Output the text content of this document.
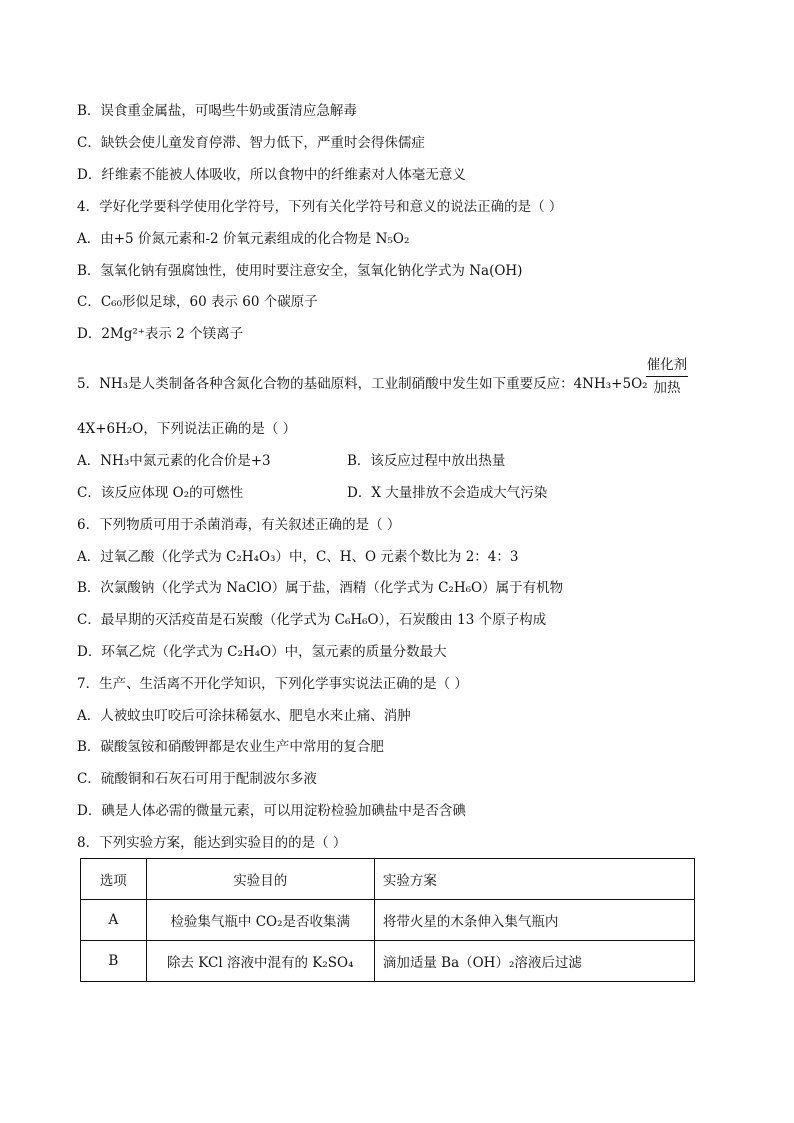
B．误食重金属盐，可喝些牛奶或蛋清应急解毒
C．缺铁会使儿童发育停滞、智力低下，严重时会得侏儒症
D．纤维素不能被人体吸收，所以食物中的纤维素对人体毫无意义
4．学好化学要科学使用化学符号，下列有关化学符号和意义的说法正确的是（ ）
A．由+5 价氮元素和-2 价氧元素组成的化合物是 N₅O₂
B．氢氧化钠有强腐蚀性，使用时要注意安全，氢氧化钠化学式为 Na(OH)
C．C₆₀形似足球，60 表示 60 个碳原子
D．2Mg²⁺表示 2 个镁离子
5．NH₃是人类制备各种含氮化合物的基础原料，工业制硝酸中发生如下重要反应：4NH₃+5O₂
催化剂
加热
4X+6H₂O，下列说法正确的是（ ）
A．NH₃中氮元素的化合价是+3	B．该反应过程中放出热量
C．该反应体现 O₂的可燃性	D．X 大量排放不会造成大气污染
6．下列物质可用于杀菌消毒，有关叙述正确的是（ ）
A．过氧乙酸（化学式为 C₂H₄O₃）中，C、H、O 元素个数比为 2：4：3
B．次氯酸钠（化学式为 NaClO）属于盐，酒精（化学式为 C₂H₆O）属于有机物
C．最早期的灭活疫苗是石炭酸（化学式为 C₆H₆O），石炭酸由 13 个原子构成
D．环氧乙烷（化学式为 C₂H₄O）中，氢元素的质量分数最大
7．生产、生活离不开化学知识，下列化学事实说法正确的是（ ）
A．人被蚊虫叮咬后可涂抹稀氨水、肥皂水来止痛、消肿
B．碳酸氢铵和硝酸钾都是农业生产中常用的复合肥
C．硫酸铜和石灰石可用于配制波尔多液
D．碘是人体必需的微量元素，可以用淀粉检验加碘盐中是否含碘
8．下列实验方案，能达到实验目的的是（ ）
选项	实验目的	实验方案
A	检验集气瓶中 CO₂是否收集满	将带火星的木条伸入集气瓶内
B	除去 KCl 溶液中混有的 K₂SO₄	滴加适量 Ba（OH）₂溶液后过滤
